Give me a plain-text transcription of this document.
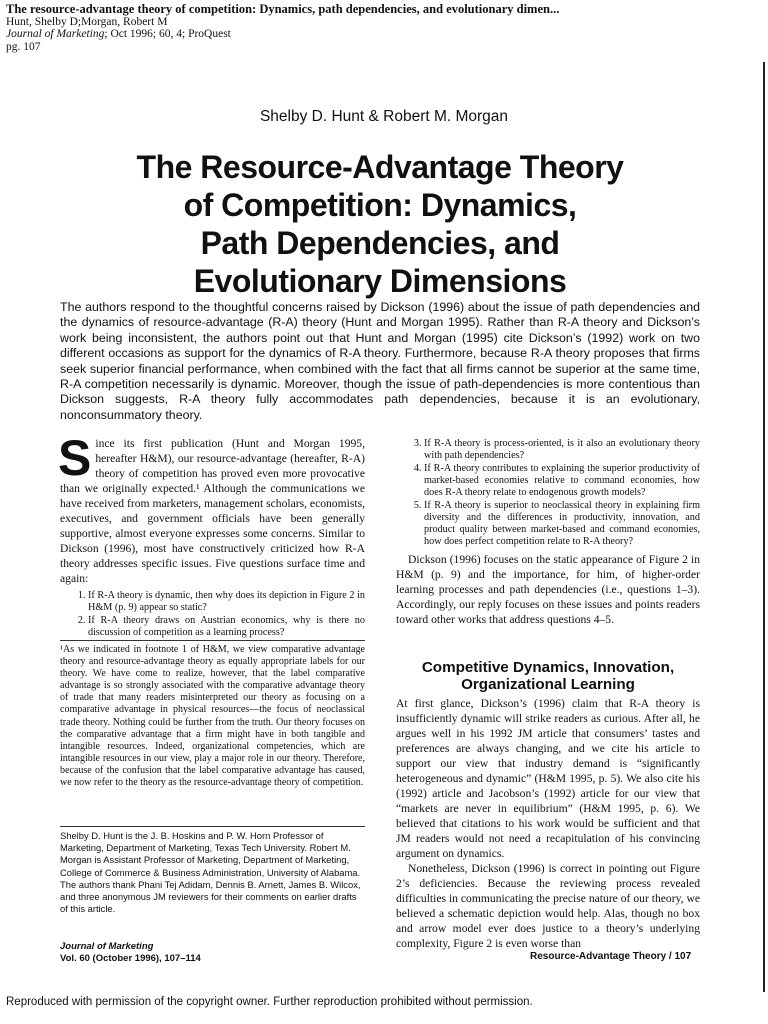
The resource-advantage theory of competition: Dynamics, path dependencies, and evolutionary dimen...
Hunt, Shelby D;Morgan, Robert M
Journal of Marketing; Oct 1996; 60, 4; ProQuest
pg. 107
Shelby D. Hunt & Robert M. Morgan
The Resource-Advantage Theory
of Competition: Dynamics,
Path Dependencies, and
Evolutionary Dimensions
The authors respond to the thoughtful concerns raised by Dickson (1996) about the issue of path dependencies and the dynamics of resource-advantage (R-A) theory (Hunt and Morgan 1995). Rather than R-A theory and Dickson’s work being inconsistent, the authors point out that Hunt and Morgan (1995) cite Dickson’s (1992) work on two different occasions as support for the dynamics of R-A theory. Furthermore, because R-A theory proposes that firms seek superior financial performance, when combined with the fact that all firms cannot be superior at the same time, R-A competition necessarily is dynamic. Moreover, though the issue of path-dependencies is more contentious than Dickson suggests, R-A theory fully accommodates path dependencies, because it is an evolutionary, nonconsummatory theory.

Since its first publication (Hunt and Morgan 1995, hereafter H&M), our resource-advantage (hereafter, R-A) theory of competition has proved even more provocative than we originally expected.¹ Although the communications we have received from marketers, management scholars, economists, executives, and government officials have been generally supportive, almost everyone expresses some concerns. Similar to Dickson (1996), most have constructively criticized how R-A theory addresses specific issues. Five questions surface time and again:

1. If R-A theory is dynamic, then why does its depiction in Figure 2 in H&M (p. 9) appear so static?
2. If R-A theory draws on Austrian economics, why is there no discussion of competition as a learning process?
¹As we indicated in footnote 1 of H&M, we view comparative advantage theory and resource-advantage theory as equally appropriate labels for our theory. We have come to realize, however, that the label comparative advantage is so strongly associated with the comparative advantage theory of trade that many readers misinterpreted our theory as focusing on a comparative advantage in physical resources—the focus of neoclassical trade theory. Nothing could be further from the truth. Our theory focuses on the comparative advantage that a firm might have in both tangible and intangible resources. Indeed, organizational competencies, which are intangible resources in our view, play a major role in our theory. Therefore, because of the confusion that the label comparative advantage has caused, we now refer to the theory as the resource-advantage theory of competition.
Shelby D. Hunt is the J. B. Hoskins and P. W. Horn Professor of Marketing, Department of Marketing, Texas Tech University. Robert M. Morgan is Assistant Professor of Marketing, Department of Marketing, College of Commerce & Business Administration, University of Alabama. The authors thank Phani Tej Adidam, Dennis B. Arnett, James B. Wilcox, and three anonymous JM reviewers for their comments on earlier drafts of this article.
3. If R-A theory is process-oriented, is it also an evolutionary theory with path dependencies?
4. If R-A theory contributes to explaining the superior productivity of market-based economies relative to command economies, how does R-A theory relate to endogenous growth models?
5. If R-A theory is superior to neoclassical theory in explaining firm diversity and the differences in productivity, innovation, and product quality between market-based and command economies, how does perfect competition relate to R-A theory?

Dickson (1996) focuses on the static appearance of Figure 2 in H&M (p. 9) and the importance, for him, of higher-order learning processes and path dependencies (i.e., questions 1–3). Accordingly, our reply focuses on these issues and points readers toward other works that address questions 4–5.

Competitive Dynamics, Innovation, Organizational Learning

At first glance, Dickson’s (1996) claim that R-A theory is insufficiently dynamic will strike readers as curious. After all, he argues well in his 1992 JM article that consumers’ tastes and preferences are always changing, and we cite his article to support our view that industry demand is “significantly heterogeneous and dynamic” (H&M 1995, p. 5). We also cite his (1992) article and Jacobson’s (1992) article for our view that “markets are never in equilibrium” (H&M 1995, p. 6). We believed that citations to his work would be sufficient and that JM readers would not need a recapitulation of his convincing argument on dynamics.

Nonetheless, Dickson (1996) is correct in pointing out Figure 2’s deficiencies. Because the reviewing process revealed difficulties in communicating the precise nature of our theory, we believed a schematic depiction would help. Alas, though no box and arrow model ever does justice to a theory’s underlying complexity, Figure 2 is even worse than

Journal of Marketing
Vol. 60 (October 1996), 107–114	Resource-Advantage Theory / 107
Reproduced with permission of the copyright owner. Further reproduction prohibited without permission.
